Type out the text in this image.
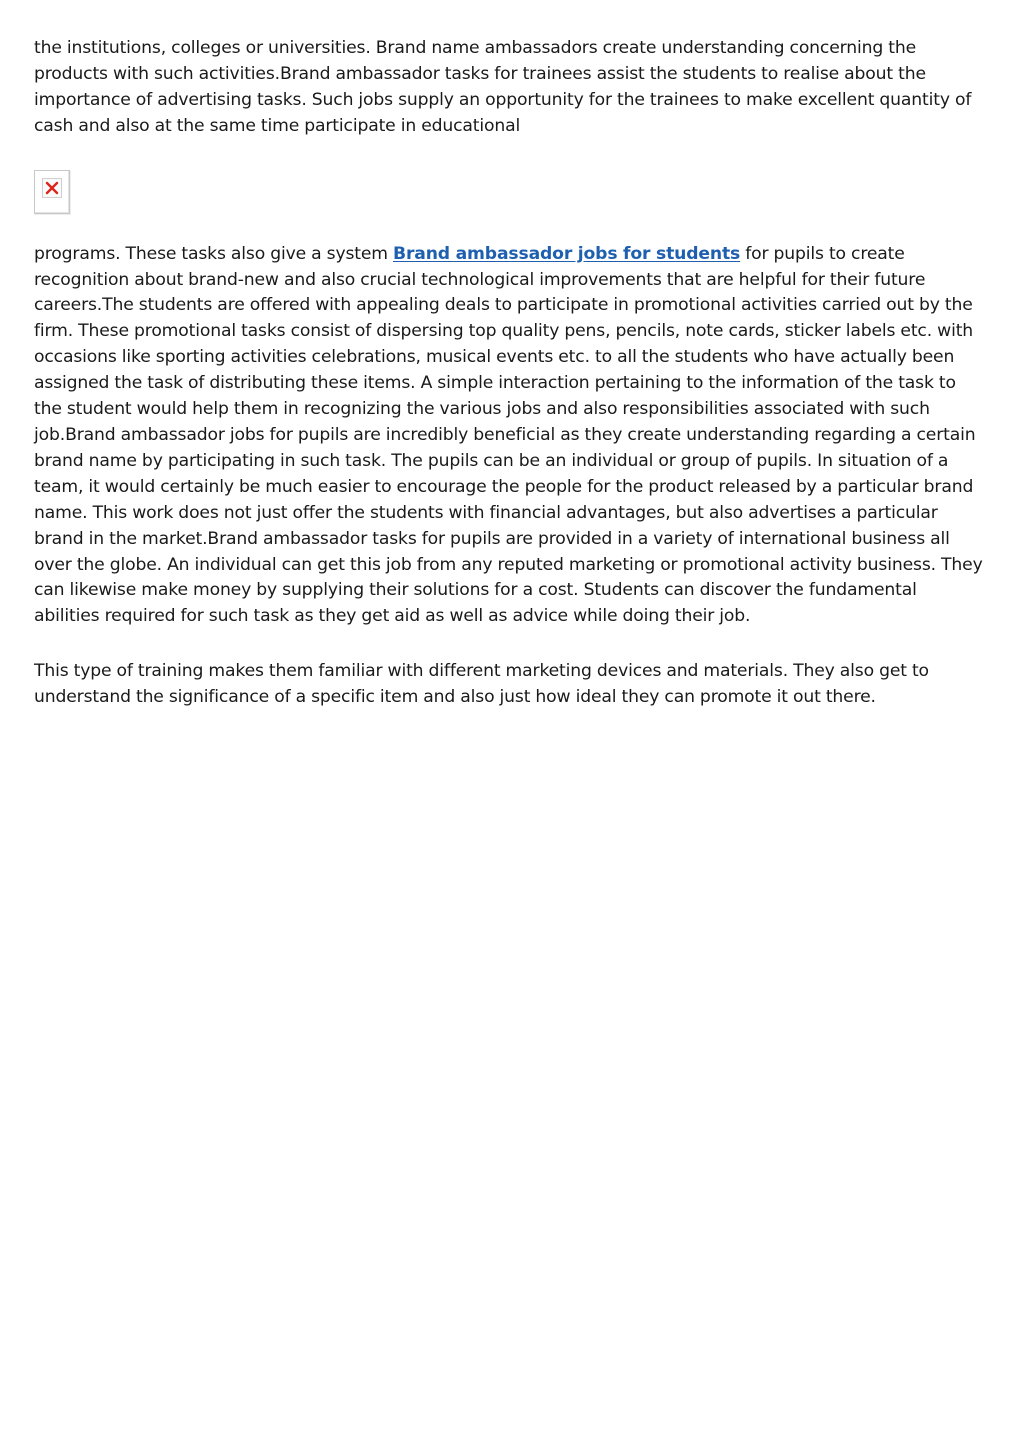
the institutions, colleges or universities. Brand name ambassadors create understanding concerning the products with such activities.Brand ambassador tasks for trainees assist the students to realise about the importance of advertising tasks. Such jobs supply an opportunity for the trainees to make excellent quantity of cash and also at the same time participate in educational

programs. These tasks also give a system Brand ambassador jobs for students for pupils to create recognition about brand-new and also crucial technological improvements that are helpful for their future careers.The students are offered with appealing deals to participate in promotional activities carried out by the firm. These promotional tasks consist of dispersing top quality pens, pencils, note cards, sticker labels etc. with occasions like sporting activities celebrations, musical events etc. to all the students who have actually been assigned the task of distributing these items. A simple interaction pertaining to the information of the task to the student would help them in recognizing the various jobs and also responsibilities associated with such job.Brand ambassador jobs for pupils are incredibly beneficial as they create understanding regarding a certain brand name by participating in such task. The pupils can be an individual or group of pupils. In situation of a team, it would certainly be much easier to encourage the people for the product released by a particular brand name. This work does not just offer the students with financial advantages, but also advertises a particular brand in the market.Brand ambassador tasks for pupils are provided in a variety of international business all over the globe. An individual can get this job from any reputed marketing or promotional activity business. They can likewise make money by supplying their solutions for a cost. Students can discover the fundamental abilities required for such task as they get aid as well as advice while doing their job.

This type of training makes them familiar with different marketing devices and materials. They also get to understand the significance of a specific item and also just how ideal they can promote it out there.
